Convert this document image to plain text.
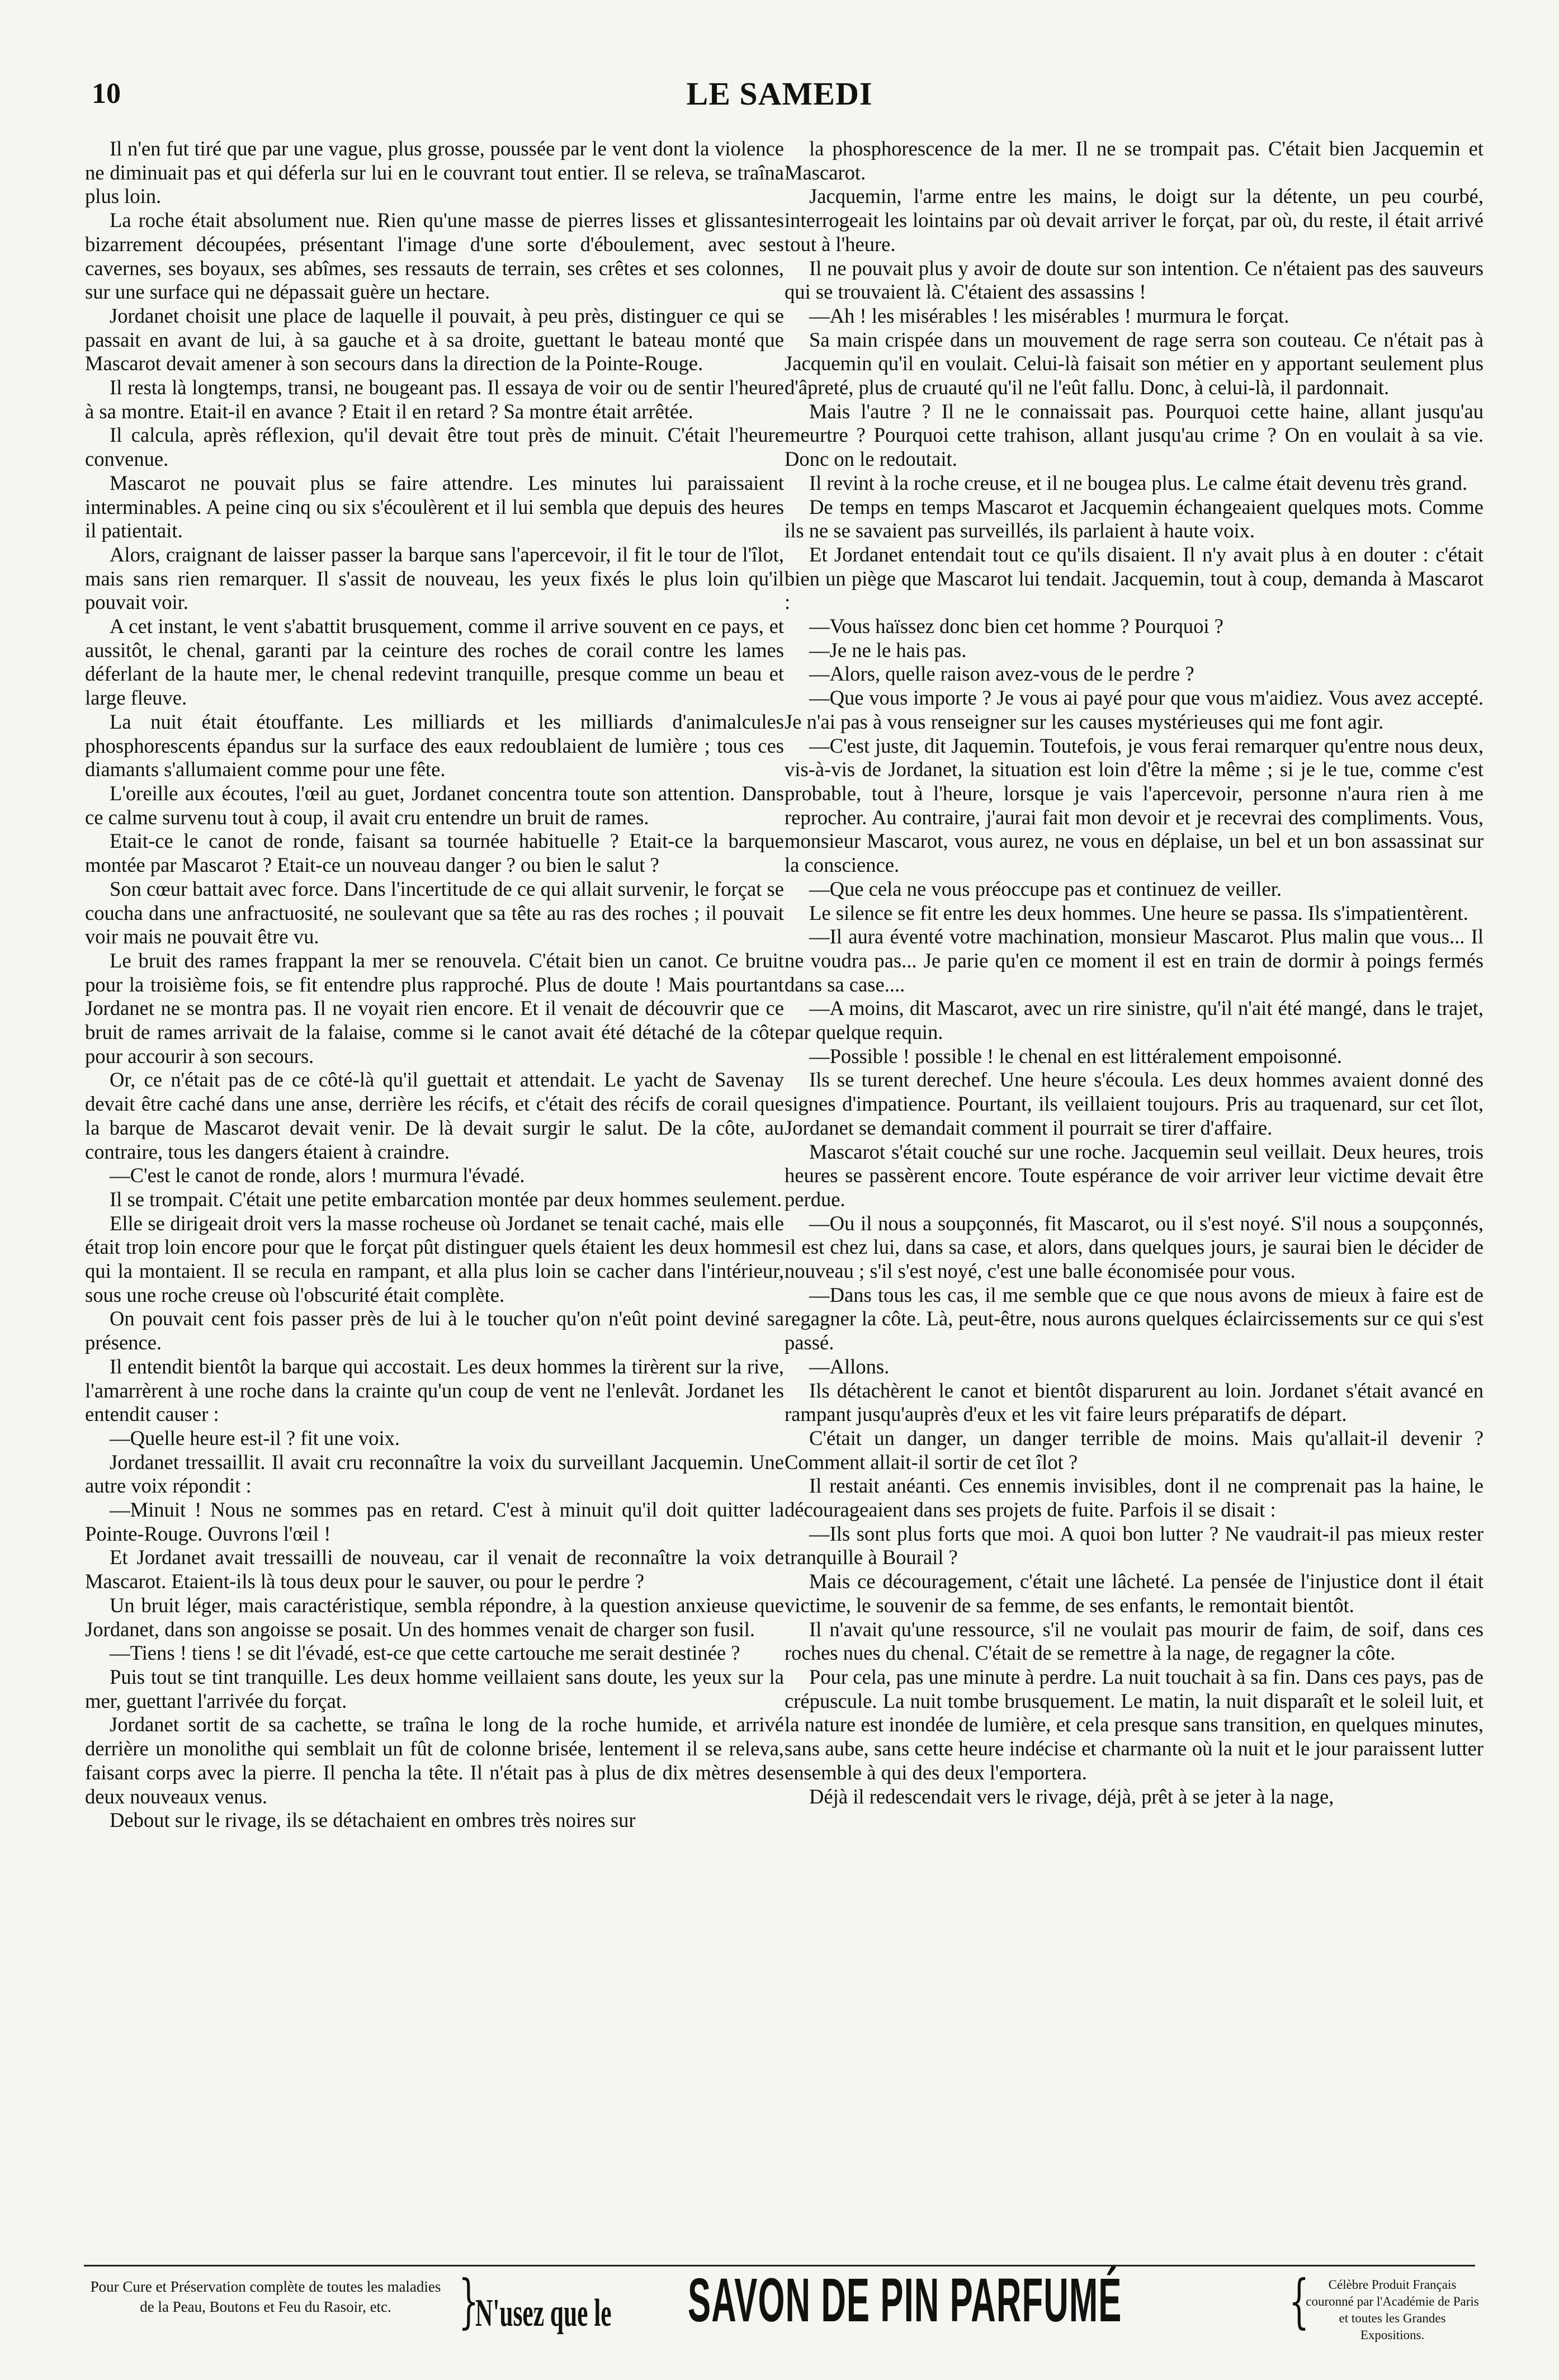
10	LE SAMEDI

Il n'en fut tiré que par une vague, plus grosse, poussée par le vent dont la violence ne diminuait pas et qui déferla sur lui en le couvrant tout entier. Il se releva, se traîna plus loin.

La roche était absolument nue. Rien qu'une masse de pierres lisses et glissantes bizarrement découpées, présentant l'image d'une sorte d'éboulement, avec ses cavernes, ses boyaux, ses abîmes, ses ressauts de terrain, ses crêtes et ses colonnes, sur une surface qui ne dépassait guère un hectare.

Jordanet choisit une place de laquelle il pouvait, à peu près, distinguer ce qui se passait en avant de lui, à sa gauche et à sa droite, guettant le bateau monté que Mascarot devait amener à son secours dans la direction de la Pointe-Rouge.

Il resta là longtemps, transi, ne bougeant pas. Il essaya de voir ou de sentir l'heure à sa montre. Etait-il en avance ? Etait il en retard ? Sa montre était arrêtée.

Il calcula, après réflexion, qu'il devait être tout près de minuit. C'était l'heure convenue.

Mascarot ne pouvait plus se faire attendre. Les minutes lui paraissaient interminables. A peine cinq ou six s'écoulèrent et il lui sembla que depuis des heures il patientait.

Alors, craignant de laisser passer la barque sans l'apercevoir, il fit le tour de l'îlot, mais sans rien remarquer. Il s'assit de nouveau, les yeux fixés le plus loin qu'il pouvait voir.

A cet instant, le vent s'abattit brusquement, comme il arrive souvent en ce pays, et aussitôt, le chenal, garanti par la ceinture des roches de corail contre les lames déferlant de la haute mer, le chenal redevint tranquille, presque comme un beau et large fleuve.

La nuit était étouffante. Les milliards et les milliards d'animalcules phosphorescents épandus sur la surface des eaux redoublaient de lumière ; tous ces diamants s'allumaient comme pour une fête.

L'oreille aux écoutes, l'œil au guet, Jordanet concentra toute son attention. Dans ce calme survenu tout à coup, il avait cru entendre un bruit de rames.

Etait-ce le canot de ronde, faisant sa tournée habituelle ? Etait-ce la barque montée par Mascarot ? Etait-ce un nouveau danger ? ou bien le salut ?

Son cœur battait avec force. Dans l'incertitude de ce qui allait survenir, le forçat se coucha dans une anfractuosité, ne soulevant que sa tête au ras des roches ; il pouvait voir mais ne pouvait être vu.

Le bruit des rames frappant la mer se renouvela. C'était bien un canot. Ce bruit pour la troisième fois, se fit entendre plus rapproché. Plus de doute ! Mais pourtant Jordanet ne se montra pas. Il ne voyait rien encore. Et il venait de découvrir que ce bruit de rames arrivait de la falaise, comme si le canot avait été détaché de la côte pour accourir à son secours.

Or, ce n'était pas de ce côté-là qu'il guettait et attendait. Le yacht de Savenay devait être caché dans une anse, derrière les récifs, et c'était des récifs de corail que la barque de Mascarot devait venir. De là devait surgir le salut. De la côte, au contraire, tous les dangers étaient à craindre.

—C'est le canot de ronde, alors ! murmura l'évadé.

Il se trompait. C'était une petite embarcation montée par deux hommes seulement.

Elle se dirigeait droit vers la masse rocheuse où Jordanet se tenait caché, mais elle était trop loin encore pour que le forçat pût distinguer quels étaient les deux hommes qui la montaient. Il se recula en rampant, et alla plus loin se cacher dans l'intérieur, sous une roche creuse où l'obscurité était complète.

On pouvait cent fois passer près de lui à le toucher qu'on n'eût point deviné sa présence.

Il entendit bientôt la barque qui accostait. Les deux hommes la tirèrent sur la rive, l'amarrèrent à une roche dans la crainte qu'un coup de vent ne l'enlevât. Jordanet les entendit causer :

—Quelle heure est-il ? fit une voix.

Jordanet tressaillit. Il avait cru reconnaître la voix du surveillant Jacquemin. Une autre voix répondit :

—Minuit ! Nous ne sommes pas en retard. C'est à minuit qu'il doit quitter la Pointe-Rouge. Ouvrons l'œil !

Et Jordanet avait tressailli de nouveau, car il venait de reconnaître la voix de Mascarot. Etaient-ils là tous deux pour le sauver, ou pour le perdre ?

Un bruit léger, mais caractéristique, sembla répondre, à la question anxieuse que Jordanet, dans son angoisse se posait. Un des hommes venait de charger son fusil.

—Tiens ! tiens ! se dit l'évadé, est-ce que cette cartouche me serait destinée ?

Puis tout se tint tranquille. Les deux homme veillaient sans doute, les yeux sur la mer, guettant l'arrivée du forçat.

Jordanet sortit de sa cachette, se traîna le long de la roche humide, et arrivé derrière un monolithe qui semblait un fût de colonne brisée, lentement il se releva, faisant corps avec la pierre. Il pencha la tête. Il n'était pas à plus de dix mètres des deux nouveaux venus.

Debout sur le rivage, ils se détachaient en ombres très noires sur

la phosphorescence de la mer. Il ne se trompait pas. C'était bien Jacquemin et Mascarot.

Jacquemin, l'arme entre les mains, le doigt sur la détente, un peu courbé, interrogeait les lointains par où devait arriver le forçat, par où, du reste, il était arrivé tout à l'heure.

Il ne pouvait plus y avoir de doute sur son intention. Ce n'étaient pas des sauveurs qui se trouvaient là. C'étaient des assassins !

—Ah ! les misérables ! les misérables ! murmura le forçat.

Sa main crispée dans un mouvement de rage serra son couteau. Ce n'était pas à Jacquemin qu'il en voulait. Celui-là faisait son métier en y apportant seulement plus d'âpreté, plus de cruauté qu'il ne l'eût fallu. Donc, à celui-là, il pardonnait.

Mais l'autre ? Il ne le connaissait pas. Pourquoi cette haine, allant jusqu'au meurtre ? Pourquoi cette trahison, allant jusqu'au crime ? On en voulait à sa vie. Donc on le redoutait.

Il revint à la roche creuse, et il ne bougea plus. Le calme était devenu très grand.

De temps en temps Mascarot et Jacquemin échangeaient quelques mots. Comme ils ne se savaient pas surveillés, ils parlaient à haute voix.

Et Jordanet entendait tout ce qu'ils disaient. Il n'y avait plus à en douter : c'était bien un piège que Mascarot lui tendait. Jacquemin, tout à coup, demanda à Mascarot :

—Vous haïssez donc bien cet homme ? Pourquoi ?

—Je ne le hais pas.

—Alors, quelle raison avez-vous de le perdre ?

—Que vous importe ? Je vous ai payé pour que vous m'aidiez. Vous avez accepté. Je n'ai pas à vous renseigner sur les causes mystérieuses qui me font agir.

—C'est juste, dit Jaquemin. Toutefois, je vous ferai remarquer qu'entre nous deux, vis-à-vis de Jordanet, la situation est loin d'être la même ; si je le tue, comme c'est probable, tout à l'heure, lorsque je vais l'apercevoir, personne n'aura rien à me reprocher. Au contraire, j'aurai fait mon devoir et je recevrai des compliments. Vous, monsieur Mascarot, vous aurez, ne vous en déplaise, un bel et un bon assassinat sur la conscience.

—Que cela ne vous préoccupe pas et continuez de veiller.

Le silence se fit entre les deux hommes. Une heure se passa. Ils s'impatientèrent.

—Il aura éventé votre machination, monsieur Mascarot. Plus malin que vous... Il ne voudra pas... Je parie qu'en ce moment il est en train de dormir à poings fermés dans sa case....

—A moins, dit Mascarot, avec un rire sinistre, qu'il n'ait été mangé, dans le trajet, par quelque requin.

—Possible ! possible ! le chenal en est littéralement empoisonné.

Ils se turent derechef. Une heure s'écoula. Les deux hommes avaient donné des signes d'impatience. Pourtant, ils veillaient toujours. Pris au traquenard, sur cet îlot, Jordanet se demandait comment il pourrait se tirer d'affaire.

Mascarot s'était couché sur une roche. Jacquemin seul veillait. Deux heures, trois heures se passèrent encore. Toute espérance de voir arriver leur victime devait être perdue.

—Ou il nous a soupçonnés, fit Mascarot, ou il s'est noyé. S'il nous a soupçonnés, il est chez lui, dans sa case, et alors, dans quelques jours, je saurai bien le décider de nouveau ; s'il s'est noyé, c'est une balle économisée pour vous.

—Dans tous les cas, il me semble que ce que nous avons de mieux à faire est de regagner la côte. Là, peut-être, nous aurons quelques éclaircissements sur ce qui s'est passé.

—Allons.

Ils détachèrent le canot et bientôt disparurent au loin. Jordanet s'était avancé en rampant jusqu'auprès d'eux et les vit faire leurs préparatifs de départ.

C'était un danger, un danger terrible de moins. Mais qu'allait-il devenir ? Comment allait-il sortir de cet îlot ?

Il restait anéanti. Ces ennemis invisibles, dont il ne comprenait pas la haine, le décourageaient dans ses projets de fuite. Parfois il se disait :

—Ils sont plus forts que moi. A quoi bon lutter ? Ne vaudrait-il pas mieux rester tranquille à Bourail ?

Mais ce découragement, c'était une lâcheté. La pensée de l'injustice dont il était victime, le souvenir de sa femme, de ses enfants, le remontait bientôt.

Il n'avait qu'une ressource, s'il ne voulait pas mourir de faim, de soif, dans ces roches nues du chenal. C'était de se remettre à la nage, de regagner la côte.

Pour cela, pas une minute à perdre. La nuit touchait à sa fin. Dans ces pays, pas de crépuscule. La nuit tombe brusquement. Le matin, la nuit disparaît et le soleil luit, et la nature est inondée de lumière, et cela presque sans transition, en quelques minutes, sans aube, sans cette heure indécise et charmante où la nuit et le jour paraissent lutter ensemble à qui des deux l'emportera.

Déjà il redescendait vers le rivage, déjà, prêt à se jeter à la nage,

Pour Cure et Préservation complète de toutes les maladies de la Peau, Boutons et Feu du Rasoir, etc.	}
N'usez que le SAVON DE PIN PARFUMÉ	{	Célèbre Produit Français couronné par l'Académie de Paris et toutes les Grandes Expositions.
